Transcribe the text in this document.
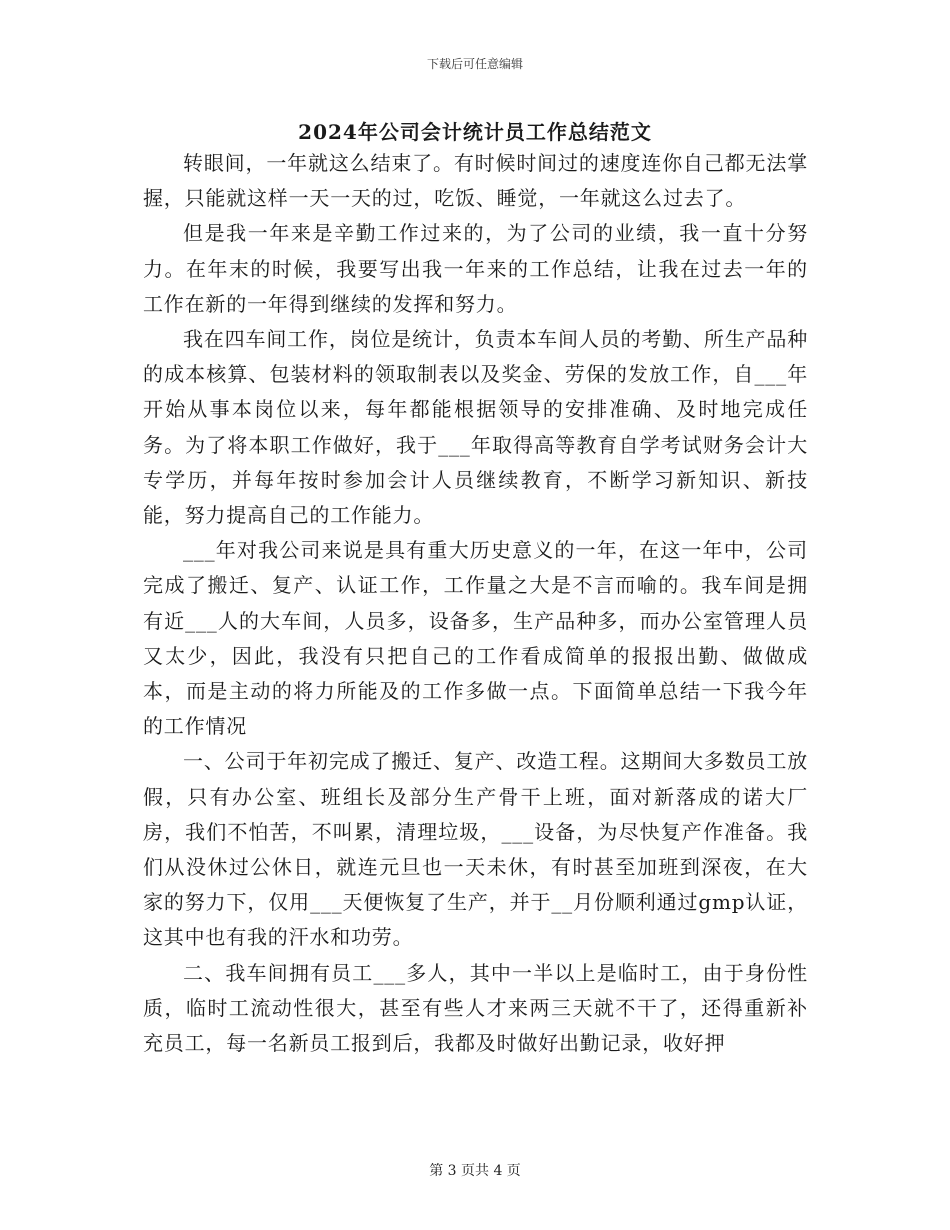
下载后可任意编辑
2024年公司会计统计员工作总结范文

转眼间，一年就这么结束了。有时候时间过的速度连你自己都无法掌握，只能就这样一天一天的过，吃饭、睡觉，一年就这么过去了。

但是我一年来是辛勤工作过来的，为了公司的业绩，我一直十分努力。在年末的时候，我要写出我一年来的工作总结，让我在过去一年的工作在新的一年得到继续的发挥和努力。

我在四车间工作，岗位是统计，负责本车间人员的考勤、所生产品种的成本核算、包装材料的领取制表以及奖金、劳保的发放工作，自___年开始从事本岗位以来，每年都能根据领导的安排准确、及时地完成任务。为了将本职工作做好，我于___年取得高等教育自学考试财务会计大专学历，并每年按时参加会计人员继续教育，不断学习新知识、新技能，努力提高自己的工作能力。

___年对我公司来说是具有重大历史意义的一年，在这一年中，公司完成了搬迁、复产、认证工作，工作量之大是不言而喻的。我车间是拥有近___人的大车间，人员多，设备多，生产品种多，而办公室管理人员又太少，因此，我没有只把自己的工作看成简单的报报出勤、做做成本，而是主动的将力所能及的工作多做一点。下面简单总结一下我今年的工作情况

一、公司于年初完成了搬迁、复产、改造工程。这期间大多数员工放假，只有办公室、班组长及部分生产骨干上班，面对新落成的诺大厂房，我们不怕苦，不叫累，清理垃圾，___设备，为尽快复产作准备。我们从没休过公休日，就连元旦也一天未休，有时甚至加班到深夜，在大家的努力下，仅用___天便恢复了生产，并于__月份顺利通过gmp认证，这其中也有我的汗水和功劳。

二、我车间拥有员工___多人，其中一半以上是临时工，由于身份性质，临时工流动性很大，甚至有些人才来两三天就不干了，还得重新补充员工，每一名新员工报到后，我都及时做好出勤记录，收好押

第 3 页共 4 页
